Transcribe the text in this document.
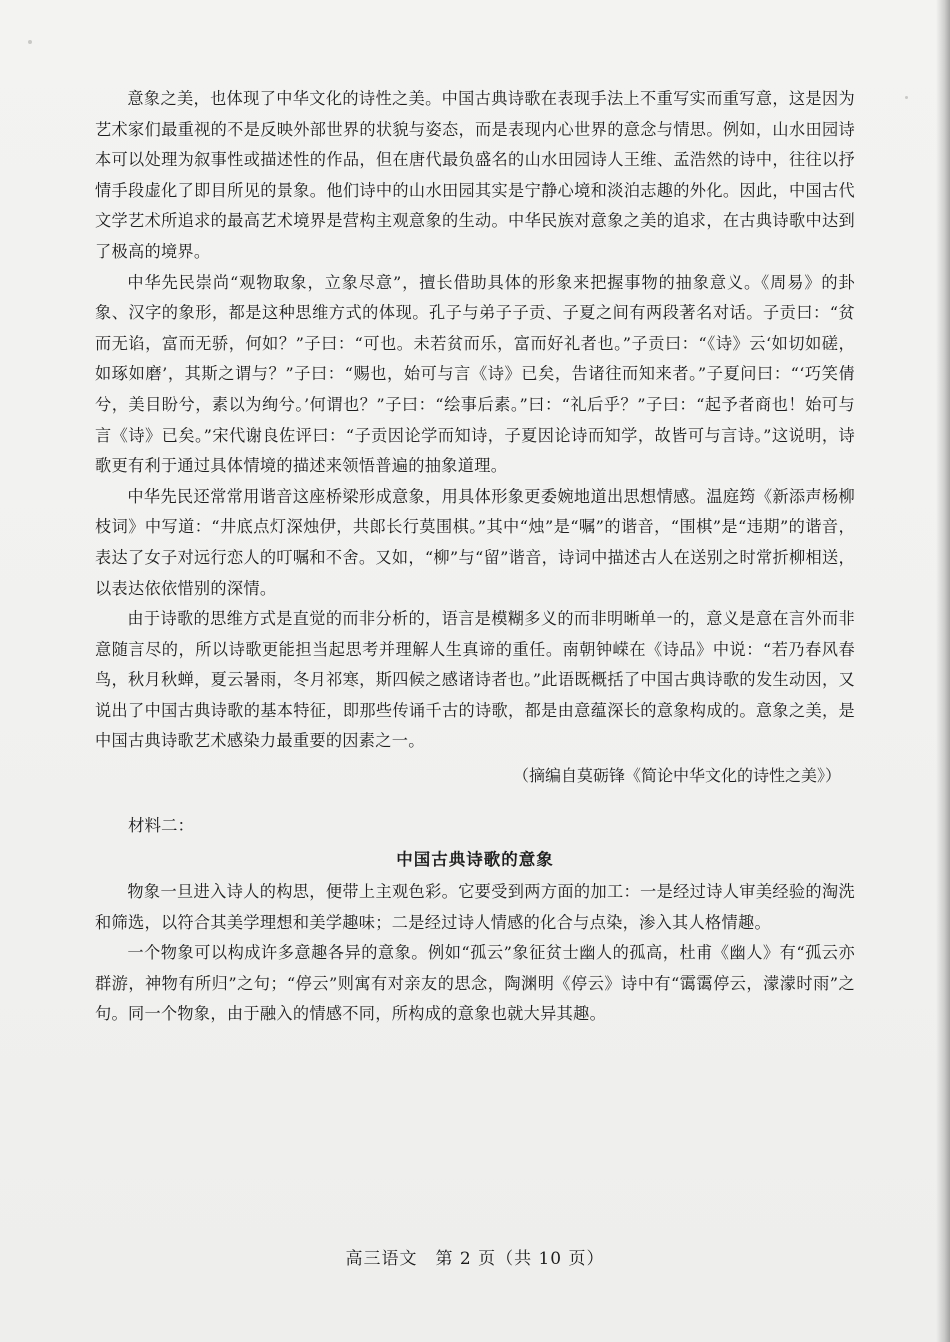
意象之美，也体现了中华文化的诗性之美。中国古典诗歌在表现手法上不重写实而重写意，这是因为艺术家们最重视的不是反映外部世界的状貌与姿态，而是表现内心世界的意念与情思。例如，山水田园诗本可以处理为叙事性或描述性的作品，但在唐代最负盛名的山水田园诗人王维、孟浩然的诗中，往往以抒情手段虚化了即目所见的景象。他们诗中的山水田园其实是宁静心境和淡泊志趣的外化。因此，中国古代文学艺术所追求的最高艺术境界是营构主观意象的生动。中华民族对意象之美的追求，在古典诗歌中达到了极高的境界。

中华先民崇尚“观物取象，立象尽意”，擅长借助具体的形象来把握事物的抽象意义。《周易》的卦象、汉字的象形，都是这种思维方式的体现。孔子与弟子子贡、子夏之间有两段著名对话。子贡曰：“贫而无谄，富而无骄，何如？”子曰：“可也。未若贫而乐，富而好礼者也。”子贡曰：“《诗》云‘如切如磋，如琢如磨’，其斯之谓与？”子曰：“赐也，始可与言《诗》已矣，告诸往而知来者。”子夏问曰：“‘巧笑倩兮，美目盼兮，素以为绚兮。’何谓也？”子曰：“绘事后素。”曰：“礼后乎？”子曰：“起予者商也！始可与言《诗》已矣。”宋代谢良佐评曰：“子贡因论学而知诗，子夏因论诗而知学，故皆可与言诗。”这说明，诗歌更有利于通过具体情境的描述来领悟普遍的抽象道理。

中华先民还常常用谐音这座桥梁形成意象，用具体形象更委婉地道出思想情感。温庭筠《新添声杨柳枝词》中写道：“井底点灯深烛伊，共郎长行莫围棋。”其中“烛”是“嘱”的谐音，“围棋”是“违期”的谐音，表达了女子对远行恋人的叮嘱和不舍。又如，“柳”与“留”谐音，诗词中描述古人在送别之时常折柳相送，以表达依依惜别的深情。

由于诗歌的思维方式是直觉的而非分析的，语言是模糊多义的而非明晰单一的，意义是意在言外而非意随言尽的，所以诗歌更能担当起思考并理解人生真谛的重任。南朝钟嵘在《诗品》中说：“若乃春风春鸟，秋月秋蝉，夏云暑雨，冬月祁寒，斯四候之感诸诗者也。”此语既概括了中国古典诗歌的发生动因，又说出了中国古典诗歌的基本特征，即那些传诵千古的诗歌，都是由意蕴深长的意象构成的。意象之美，是中国古典诗歌艺术感染力最重要的因素之一。

（摘编自莫砺锋《简论中华文化的诗性之美》）
材料二：
中国古典诗歌的意象

物象一旦进入诗人的构思，便带上主观色彩。它要受到两方面的加工：一是经过诗人审美经验的淘洗和筛选，以符合其美学理想和美学趣味；二是经过诗人情感的化合与点染，渗入其人格情趣。

一个物象可以构成许多意趣各异的意象。例如“孤云”象征贫士幽人的孤高，杜甫《幽人》有“孤云亦群游，神物有所归”之句；“停云”则寓有对亲友的思念，陶渊明《停云》诗中有“霭霭停云，濛濛时雨”之句。同一个物象，由于融入的情感不同，所构成的意象也就大异其趣。

高三语文　第 2 页（共 10 页）
